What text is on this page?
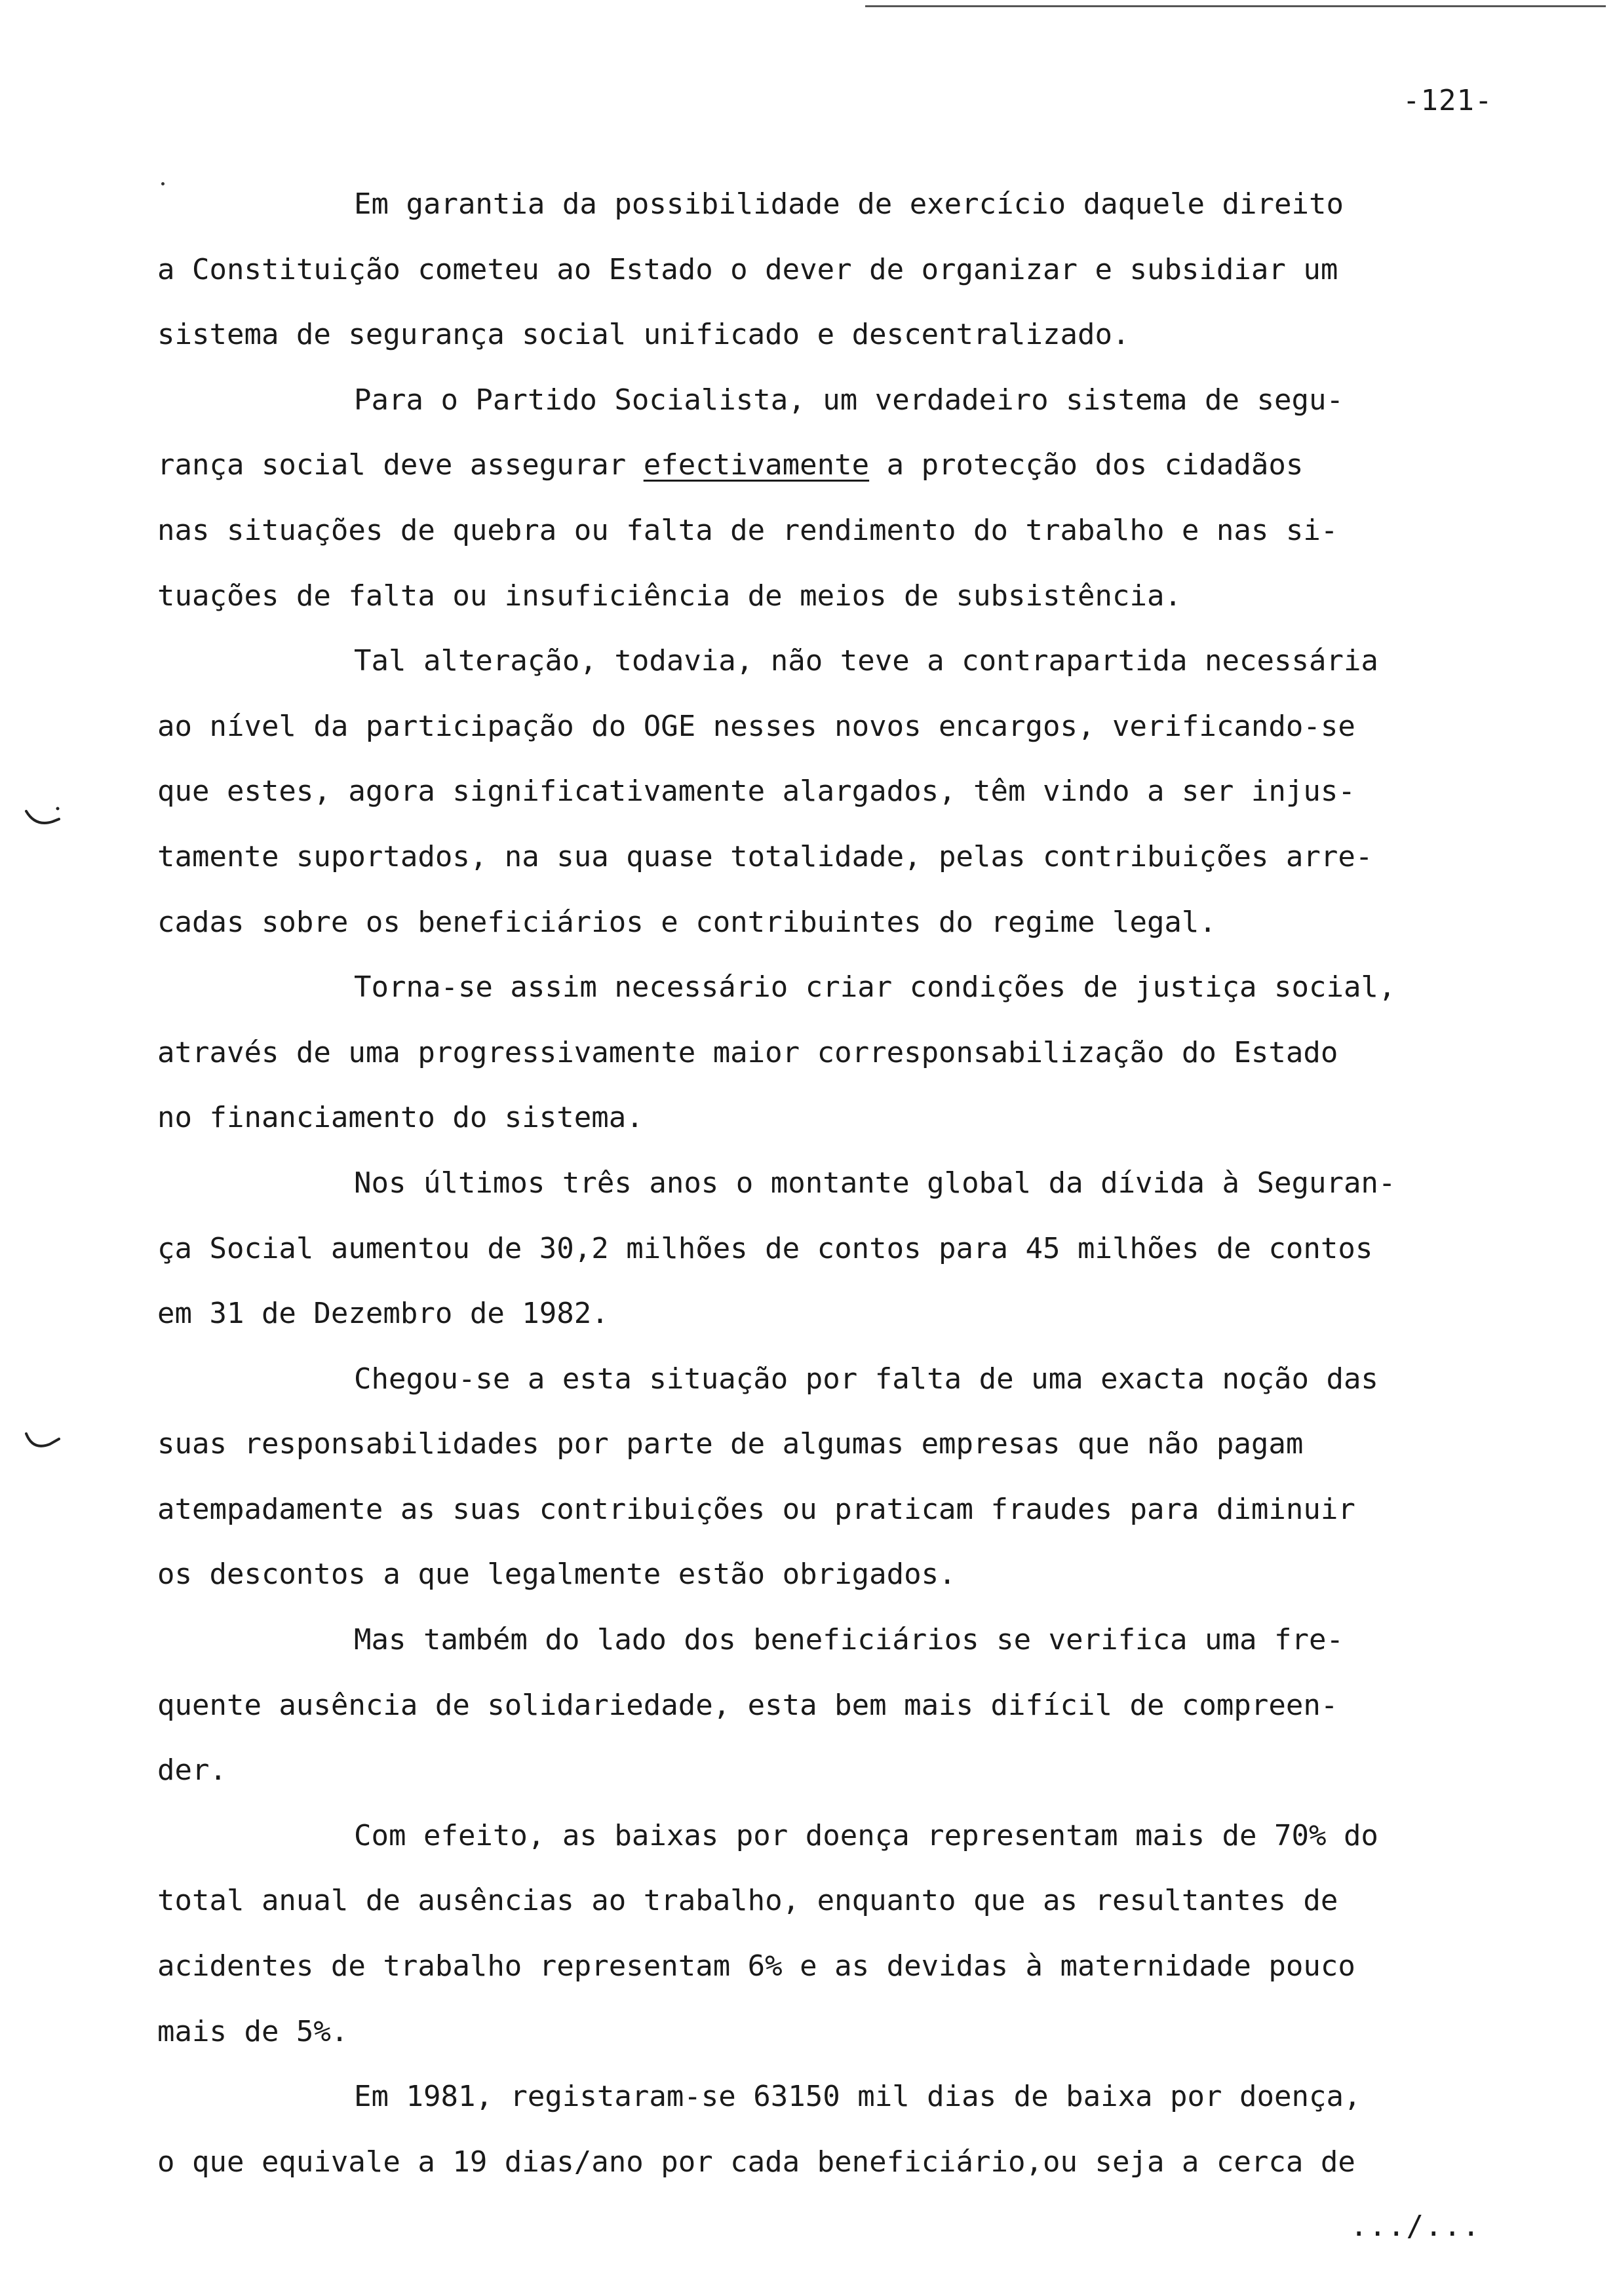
-121-

Em garantia da possibilidade de exercício daquele direito
a Constituição cometeu ao Estado o dever de organizar e subsidiar um
sistema de segurança social unificado e descentralizado.

Para o Partido Socialista, um verdadeiro sistema de segu-
rança social deve assegurar efectivamente a protecção dos cidadãos
nas situações de quebra ou falta de rendimento do trabalho e nas si-
tuações de falta ou insuficiência de meios de subsistência.

Tal alteração, todavia, não teve a contrapartida necessária
ao nível da participação do OGE nesses novos encargos, verificando-se
que estes, agora significativamente alargados, têm vindo a ser injus-
tamente suportados, na sua quase totalidade, pelas contribuições arre-
cadas sobre os beneficiários e contribuintes do regime legal.

Torna-se assim necessário criar condições de justiça social,
através de uma progressivamente maior corresponsabilização do Estado
no financiamento do sistema.

Nos últimos três anos o montante global da dívida à Seguran-
ça Social aumentou de 30,2 milhões de contos para 45 milhões de contos
em 31 de Dezembro de 1982.

Chegou-se a esta situação por falta de uma exacta noção das
suas responsabilidades por parte de algumas empresas que não pagam
atempadamente as suas contribuições ou praticam fraudes para diminuir
os descontos a que legalmente estão obrigados.

Mas também do lado dos beneficiários se verifica uma fre-
quente ausência de solidariedade, esta bem mais difícil de compreen-
der.

Com efeito, as baixas por doença representam mais de 70% do
total anual de ausências ao trabalho, enquanto que as resultantes de
acidentes de trabalho representam 6% e as devidas à maternidade pouco
mais de 5%.

Em 1981, registaram-se 63150 mil dias de baixa por doença,
o que equivale a 19 dias/ano por cada beneficiário,ou seja a cerca de

.../...
